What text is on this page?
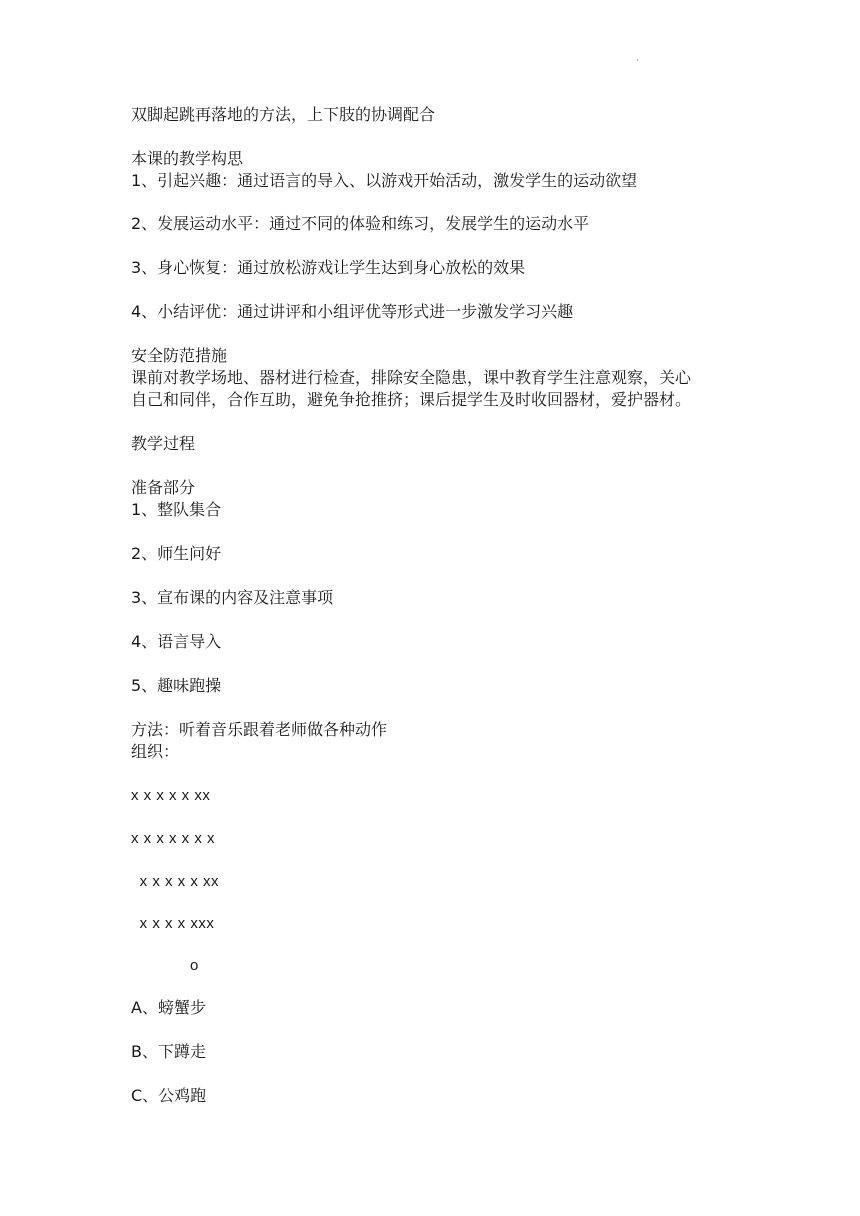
·
双脚起跳再落地的方法，上下肢的协调配合
本课的教学构思
1、引起兴趣：通过语言的导入、以游戏开始活动，激发学生的运动欲望
2、发展运动水平：通过不同的体验和练习，发展学生的运动水平
3、身心恢复：通过放松游戏让学生达到身心放松的效果
4、小结评优：通过讲评和小组评优等形式进一步激发学习兴趣
安全防范措施
课前对教学场地、器材进行检查，排除安全隐患，课中教育学生注意观察，关心
自己和同伴，合作互助，避免争抢推挤；课后提学生及时收回器材，爱护器材。
教学过程
准备部分
1、整队集合
2、师生问好
3、宣布课的内容及注意事项
4、语言导入
5、趣味跑操
方法：听着音乐跟着老师做各种动作
组织：
x x x x x xx
x x x x x x x
x x x x x xx
x x x x xxx
o
A、螃蟹步
B、下蹲走
C、公鸡跑
